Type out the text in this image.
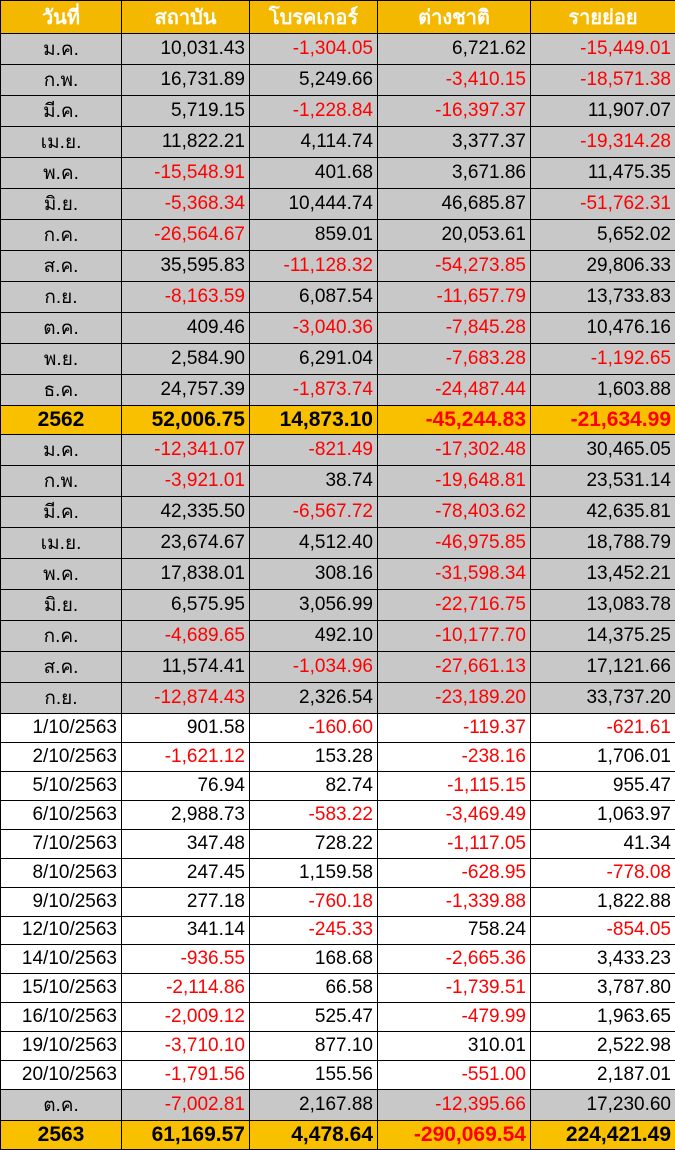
วันที่	สถาบัน	โบรคเกอร์	ต่างชาติ	รายย่อย
ม.ค.	10,031.43	-1,304.05	6,721.62	-15,449.01
ก.พ.	16,731.89	5,249.66	-3,410.15	-18,571.38
มี.ค.	5,719.15	-1,228.84	-16,397.37	11,907.07
เม.ย.	11,822.21	4,114.74	3,377.37	-19,314.28
พ.ค.	-15,548.91	401.68	3,671.86	11,475.35
มิ.ย.	-5,368.34	10,444.74	46,685.87	-51,762.31
ก.ค.	-26,564.67	859.01	20,053.61	5,652.02
ส.ค.	35,595.83	-11,128.32	-54,273.85	29,806.33
ก.ย.	-8,163.59	6,087.54	-11,657.79	13,733.83
ต.ค.	409.46	-3,040.36	-7,845.28	10,476.16
พ.ย.	2,584.90	6,291.04	-7,683.28	-1,192.65
ธ.ค.	24,757.39	-1,873.74	-24,487.44	1,603.88
2562	52,006.75	14,873.10	-45,244.83	-21,634.99
ม.ค.	-12,341.07	-821.49	-17,302.48	30,465.05
ก.พ.	-3,921.01	38.74	-19,648.81	23,531.14
มี.ค.	42,335.50	-6,567.72	-78,403.62	42,635.81
เม.ย.	23,674.67	4,512.40	-46,975.85	18,788.79
พ.ค.	17,838.01	308.16	-31,598.34	13,452.21
มิ.ย.	6,575.95	3,056.99	-22,716.75	13,083.78
ก.ค.	-4,689.65	492.10	-10,177.70	14,375.25
ส.ค.	11,574.41	-1,034.96	-27,661.13	17,121.66
ก.ย.	-12,874.43	2,326.54	-23,189.20	33,737.20
1/10/2563	901.58	-160.60	-119.37	-621.61
2/10/2563	-1,621.12	153.28	-238.16	1,706.01
5/10/2563	76.94	82.74	-1,115.15	955.47
6/10/2563	2,988.73	-583.22	-3,469.49	1,063.97
7/10/2563	347.48	728.22	-1,117.05	41.34
8/10/2563	247.45	1,159.58	-628.95	-778.08
9/10/2563	277.18	-760.18	-1,339.88	1,822.88
12/10/2563	341.14	-245.33	758.24	-854.05
14/10/2563	-936.55	168.68	-2,665.36	3,433.23
15/10/2563	-2,114.86	66.58	-1,739.51	3,787.80
16/10/2563	-2,009.12	525.47	-479.99	1,963.65
19/10/2563	-3,710.10	877.10	310.01	2,522.98
20/10/2563	-1,791.56	155.56	-551.00	2,187.01
ต.ค.	-7,002.81	2,167.88	-12,395.66	17,230.60
2563	61,169.57	4,478.64	-290,069.54	224,421.49
